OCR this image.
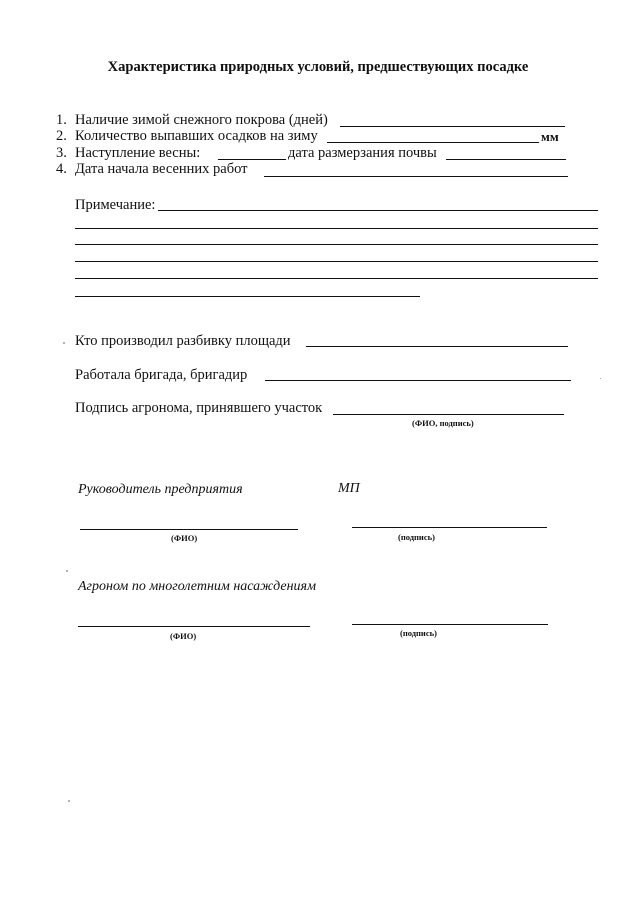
Характеристика природных условий, предшествующих посадке
1. Наличие зимой снежного покрова (дней)
2. Количество выпавших осадков на зиму	мм
3. Наступление весны:	дата размерзания почвы
4. Дата начала весенних работ
Примечание:
Кто производил разбивку площади
Работала бригада, бригадир
Подпись агронома, принявшего участок
(ФИО, подпись)
Руководитель предприятия	МП
(ФИО)	(подпись)
Агроном по многолетним насаждениям
(ФИО)	(подпись)
